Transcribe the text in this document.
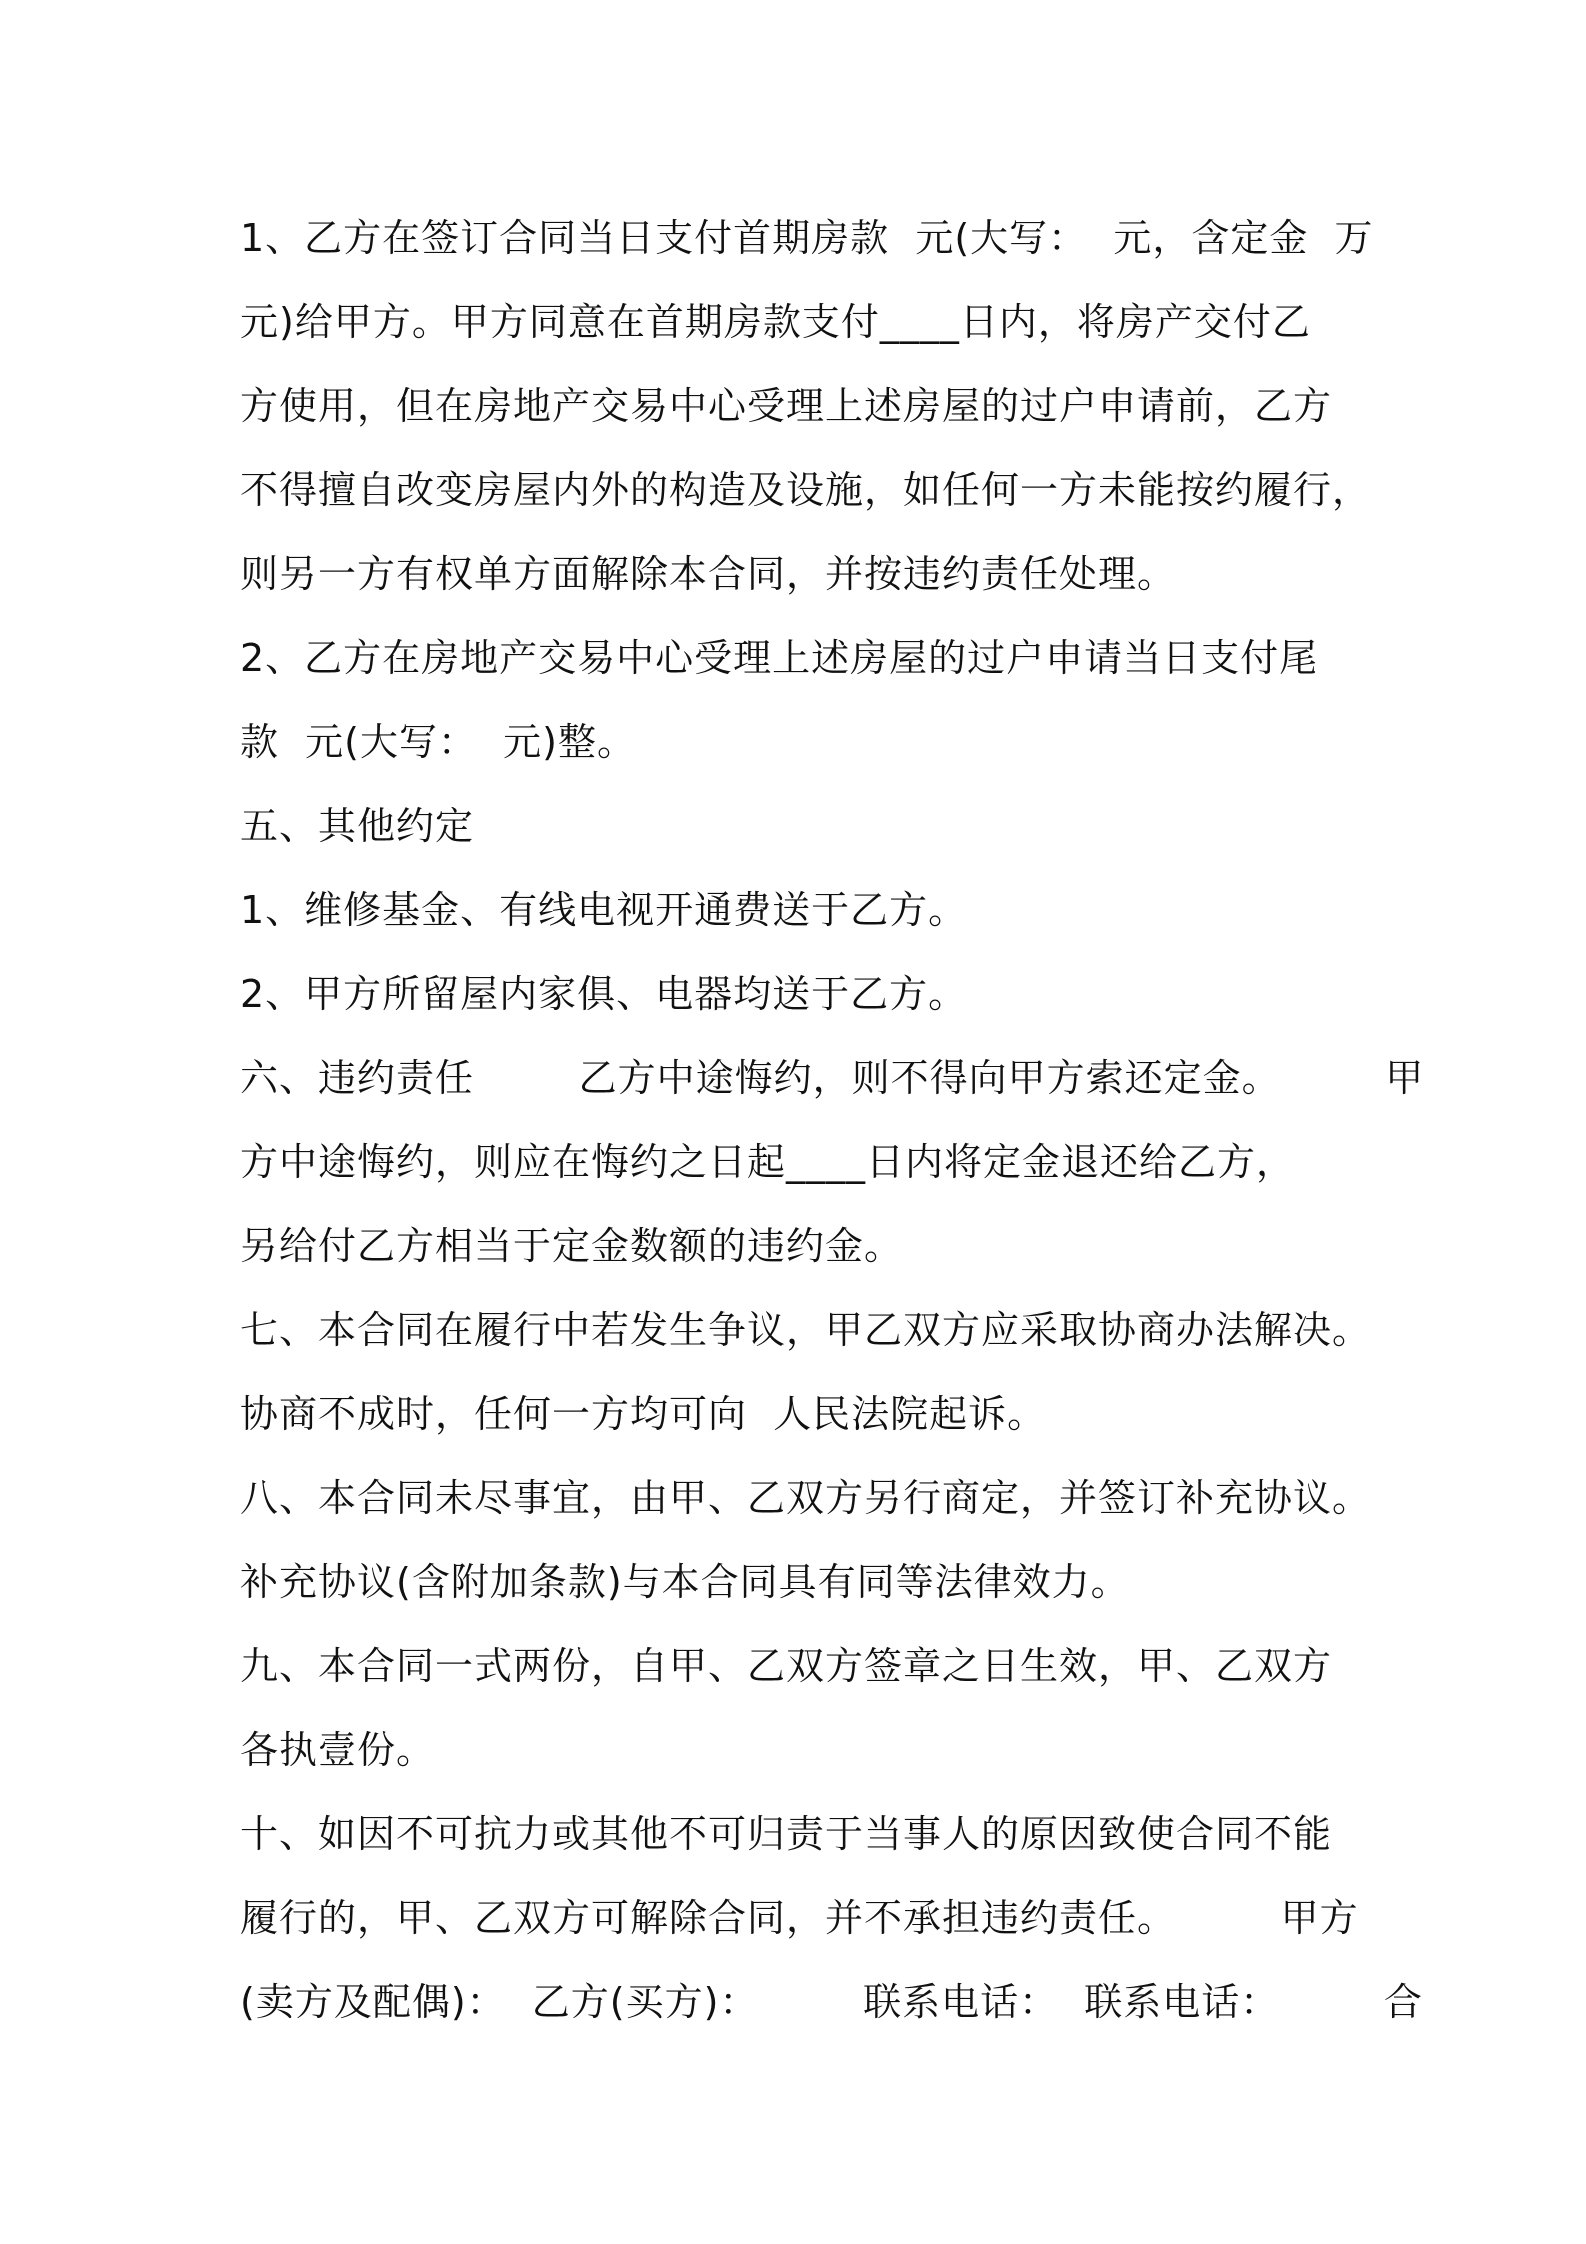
1、乙方在签订合同当日支付首期房款  元(大写：  元，含定金  万
元)给甲方。甲方同意在首期房款支付____日内，将房产交付乙
方使用，但在房地产交易中心受理上述房屋的过户申请前，乙方
不得擅自改变房屋内外的构造及设施，如任何一方未能按约履行，
则另一方有权单方面解除本合同，并按违约责任处理。
2、乙方在房地产交易中心受理上述房屋的过户申请当日支付尾
款  元(大写：  元)整。
五、其他约定
1、维修基金、有线电视开通费送于乙方。
2、甲方所留屋内家俱、电器均送于乙方。
六、违约责任        乙方中途悔约，则不得向甲方索还定金。        甲
方中途悔约，则应在悔约之日起____日内将定金退还给乙方，
另给付乙方相当于定金数额的违约金。
七、本合同在履行中若发生争议，甲乙双方应采取协商办法解决。
协商不成时，任何一方均可向  人民法院起诉。
八、本合同未尽事宜，由甲、乙双方另行商定，并签订补充协议。
补充协议(含附加条款)与本合同具有同等法律效力。
九、本合同一式两份，自甲、乙双方签章之日生效，甲、乙双方
各执壹份。
十、如因不可抗力或其他不可归责于当事人的原因致使合同不能
履行的，甲、乙双方可解除合同，并不承担违约责任。        甲方
(卖方及配偶)：  乙方(买方)：        联系电话：  联系电话：        合
